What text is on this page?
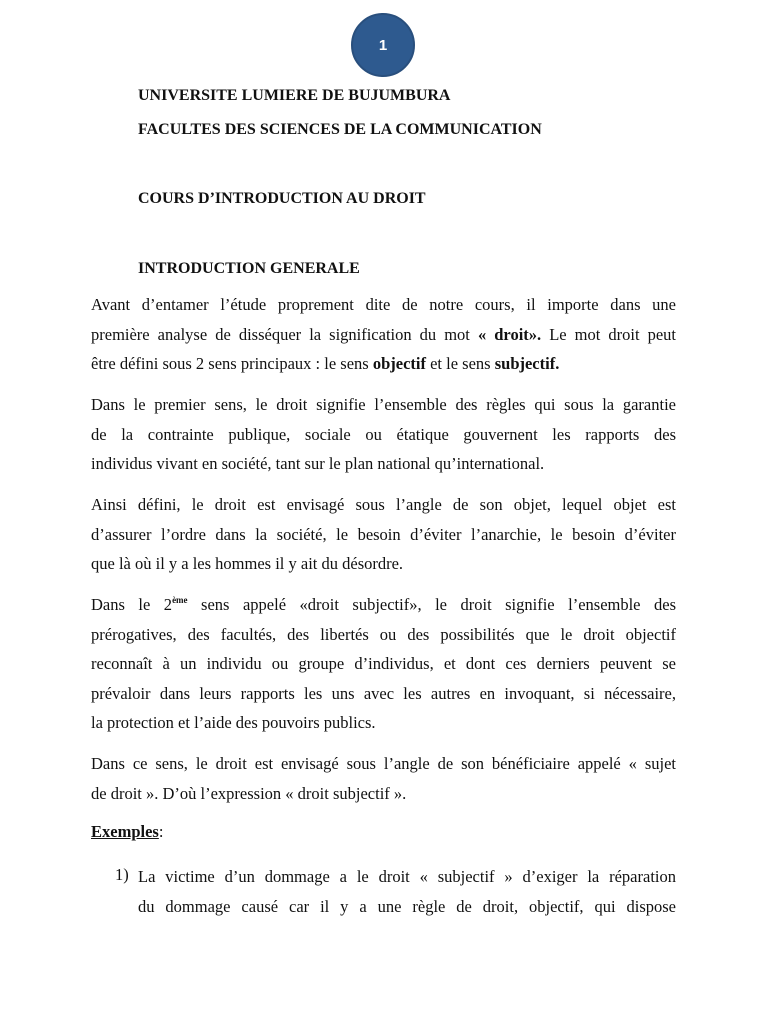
1
UNIVERSITE LUMIERE DE BUJUMBURA
FACULTES DES SCIENCES DE LA COMMUNICATION
COURS D’INTRODUCTION AU DROIT
INTRODUCTION GENERALE
Avant d’entamer l’étude proprement dite de notre cours, il importe dans une
première analyse de disséquer la signification du mot « droit». Le mot droit peut
être défini sous 2 sens principaux : le sens objectif et le sens subjectif.
Dans le premier sens, le droit signifie l’ensemble des règles qui sous la garantie
de la contrainte publique, sociale ou étatique gouvernent les rapports des
individus vivant en société, tant sur le plan national qu’international.
Ainsi défini, le droit est envisagé sous l’angle de son objet, lequel objet est
d’assurer l’ordre dans la société, le besoin d’éviter l’anarchie, le besoin d’éviter
que là où il y a les hommes il y ait du désordre.
Dans le 2ème sens appelé «droit subjectif», le droit signifie l’ensemble des
prérogatives, des facultés, des libertés ou des possibilités que le droit objectif
reconnaît à un individu ou groupe d’individus, et dont ces derniers peuvent se
prévaloir dans leurs rapports les uns avec les autres en invoquant, si nécessaire,
la protection et l’aide des pouvoirs publics.
Dans ce sens, le droit est envisagé sous l’angle de son bénéficiaire appelé « sujet
de droit ». D’où l’expression « droit subjectif ».
Exemples:
1) La victime d’un dommage a le droit « subjectif » d’exiger la réparation
du dommage causé car il y a une règle de droit, objectif, qui dispose
